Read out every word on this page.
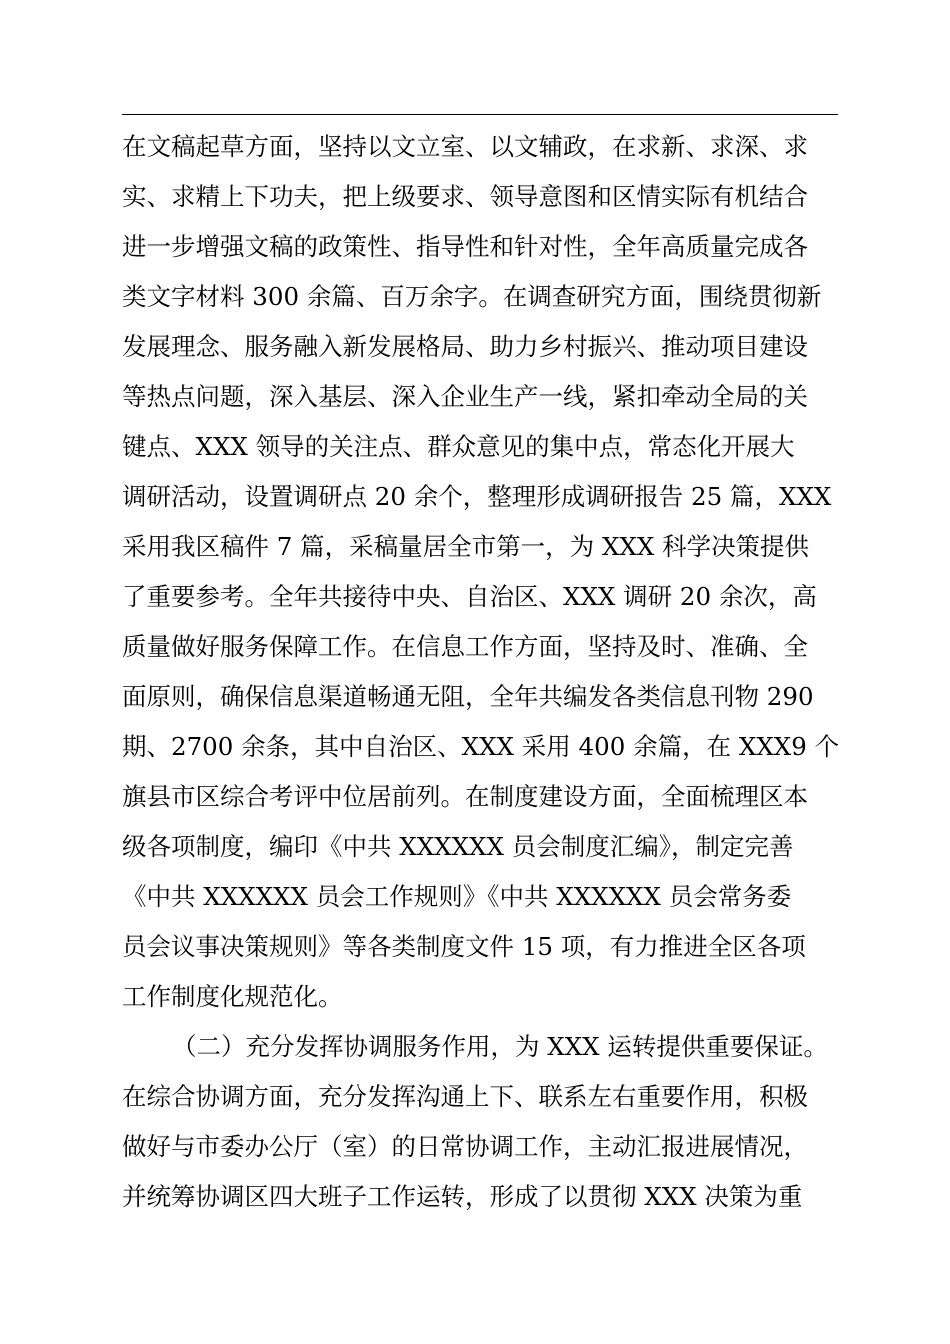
在文稿起草方面，坚持以文立室、以文辅政，在求新、求深、求
实、求精上下功夫，把上级要求、领导意图和区情实际有机结合
进一步增强文稿的政策性、指导性和针对性，全年高质量完成各
类文字材料 300 余篇、百万余字。在调查研究方面，围绕贯彻新
发展理念、服务融入新发展格局、助力乡村振兴、推动项目建设
等热点问题，深入基层、深入企业生产一线，紧扣牵动全局的关
键点、XXX 领导的关注点、群众意见的集中点，常态化开展大
调研活动，设置调研点 20 余个，整理形成调研报告 25 篇，XXX
采用我区稿件 7 篇，采稿量居全市第一，为 XXX 科学决策提供
了重要参考。全年共接待中央、自治区、XXX 调研 20 余次，高
质量做好服务保障工作。在信息工作方面，坚持及时、准确、全
面原则，确保信息渠道畅通无阻，全年共编发各类信息刊物 290
期、2700 余条，其中自治区、XXX 采用 400 余篇，在 XXX9 个
旗县市区综合考评中位居前列。在制度建设方面，全面梳理区本
级各项制度，编印《中共 XXXXXX 员会制度汇编》，制定完善
《中共 XXXXXX 员会工作规则》《中共 XXXXXX 员会常务委
员会议事决策规则》等各类制度文件 15 项，有力推进全区各项
工作制度化规范化。
（二）充分发挥协调服务作用，为 XXX 运转提供重要保证。
在综合协调方面，充分发挥沟通上下、联系左右重要作用，积极
做好与市委办公厅（室）的日常协调工作，主动汇报进展情况，
并统筹协调区四大班子工作运转，形成了以贯彻 XXX 决策为重
